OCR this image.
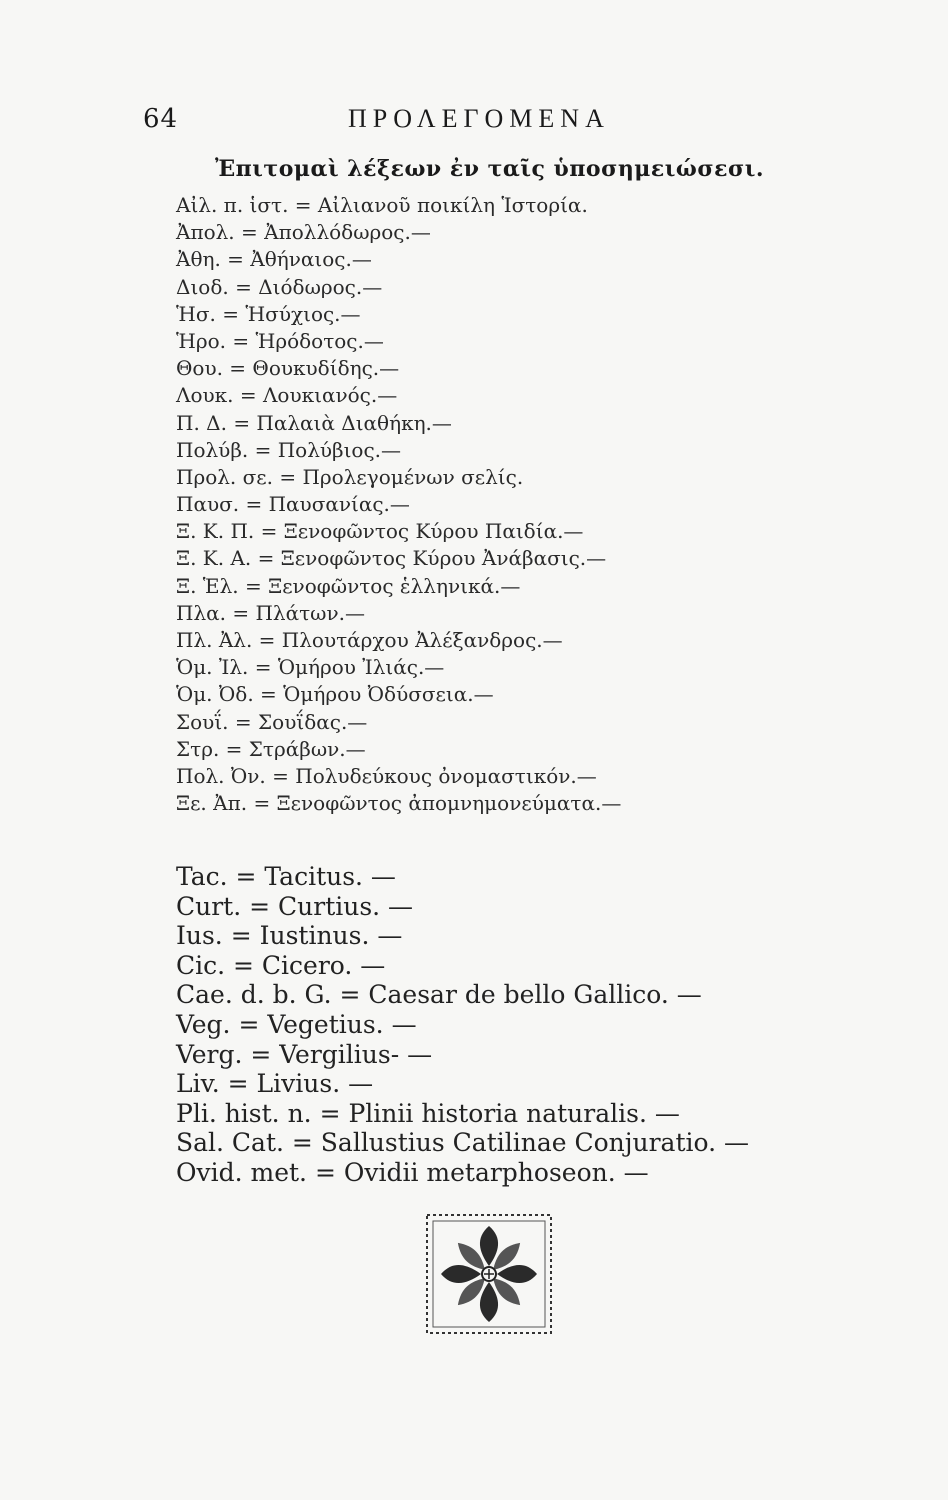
64	ΠΡΟΛΕΓΟΜΕΝΑ
Ἐπιτομαὶ λέξεων ἐν ταῖς ὑποσημειώσεσι.
Αἰλ. π. ἱστ. = Αἰλιανοῦ ποικίλη Ἱστορία.
Ἀπολ. = Ἀπολλόδωρος.—
Ἀθη. = Ἀθήναιος.—
Διοδ. = Διόδωρος.—
Ἡσ. = Ἡσύχιος.—
Ἡρο. = Ἡρόδοτος.—
Θου. = Θουκυδίδης.—
Λουκ. = Λουκιανός.—
Π. Δ. = Παλαιὰ Διαθήκη.—
Πολύβ. = Πολύβιος.—
Προλ. σε. = Προλεγομένων σελίς.
Παυσ. = Παυσανίας.—
Ξ. Κ. Π. = Ξενοφῶντος Κύρου Παιδία.—
Ξ. Κ. Α. = Ξενοφῶντος Κύρου Ἀνάβασις.—
Ξ. Ἑλ. = Ξενοφῶντος ἑλληνικά.—
Πλα. = Πλάτων.—
Πλ. Ἀλ. = Πλουτάρχου Ἀλέξανδρος.—
Ὁμ. Ἰλ. = Ὁμήρου Ἰλιάς.—
Ὁμ. Ὀδ. = Ὁμήρου Ὀδύσσεια.—
Σουΐ. = Σουΐδας.—
Στρ. = Στράβων.—
Πολ. Ὀν. = Πολυδεύκους ὀνομαστικόν.—
Ξε. Ἀπ. = Ξενοφῶντος ἀπομνημονεύματα.—
Tac. = Tacitus. —
Curt. = Curtius. —
Ius. = Iustinus. —
Cic. = Cicero. —
Cae. d. b. G. = Caesar de bello Gallico. —
Veg. = Vegetius. —
Verg. = Vergilius- —
Liv. = Livius. —
Pli. hist. n. = Plinii historia naturalis. —
Sal. Cat. = Sallustius Catilinae Conjuratio. —
Ovid. met. = Ovidii metarphoseon. —
